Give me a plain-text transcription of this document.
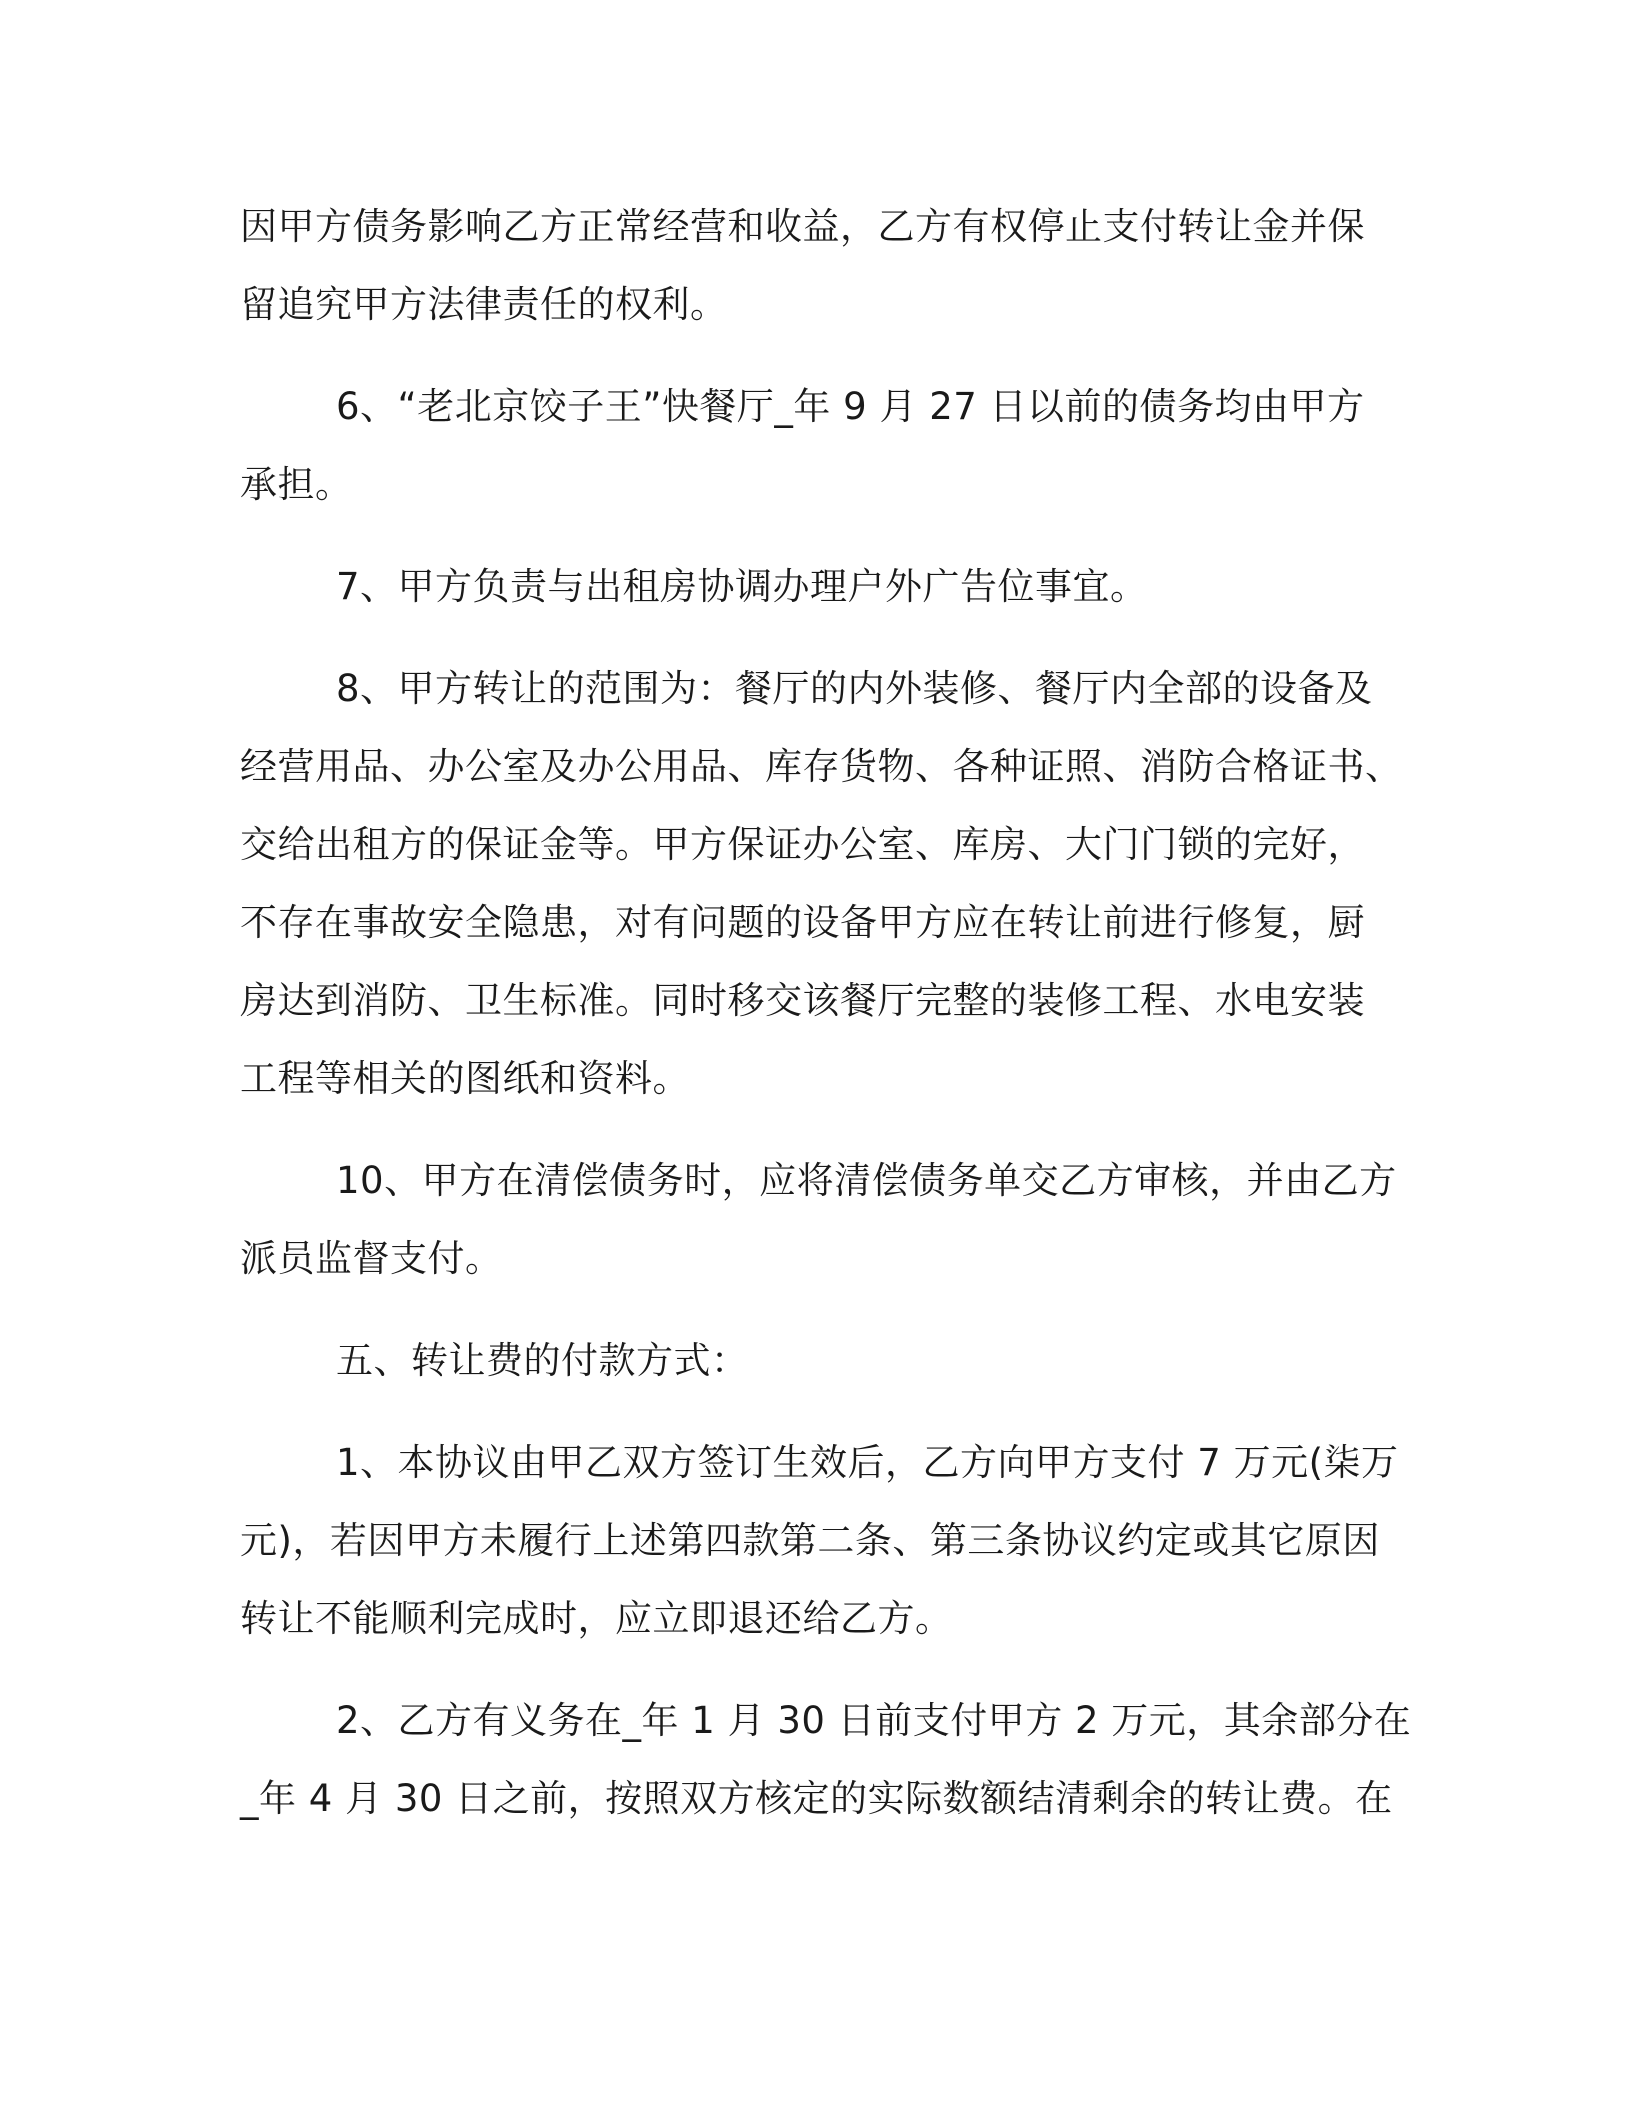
因甲方债务影响乙方正常经营和收益，乙方有权停止支付转让金并保
留追究甲方法律责任的权利。

6、“老北京饺子王”快餐厅_年 9 月 27 日以前的债务均由甲方
承担。

7、甲方负责与出租房协调办理户外广告位事宜。

8、甲方转让的范围为：餐厅的内外装修、餐厅内全部的设备及
经营用品、办公室及办公用品、库存货物、各种证照、消防合格证书、
交给出租方的保证金等。甲方保证办公室、库房、大门门锁的完好，
不存在事故安全隐患，对有问题的设备甲方应在转让前进行修复，厨
房达到消防、卫生标准。同时移交该餐厅完整的装修工程、水电安装
工程等相关的图纸和资料。

10、甲方在清偿债务时，应将清偿债务单交乙方审核，并由乙方
派员监督支付。

五、转让费的付款方式：

1、本协议由甲乙双方签订生效后，乙方向甲方支付 7 万元(柒万
元)，若因甲方未履行上述第四款第二条、第三条协议约定或其它原因
转让不能顺利完成时，应立即退还给乙方。

2、乙方有义务在_年 1 月 30 日前支付甲方 2 万元，其余部分在
_年 4 月 30 日之前，按照双方核定的实际数额结清剩余的转让费。在
